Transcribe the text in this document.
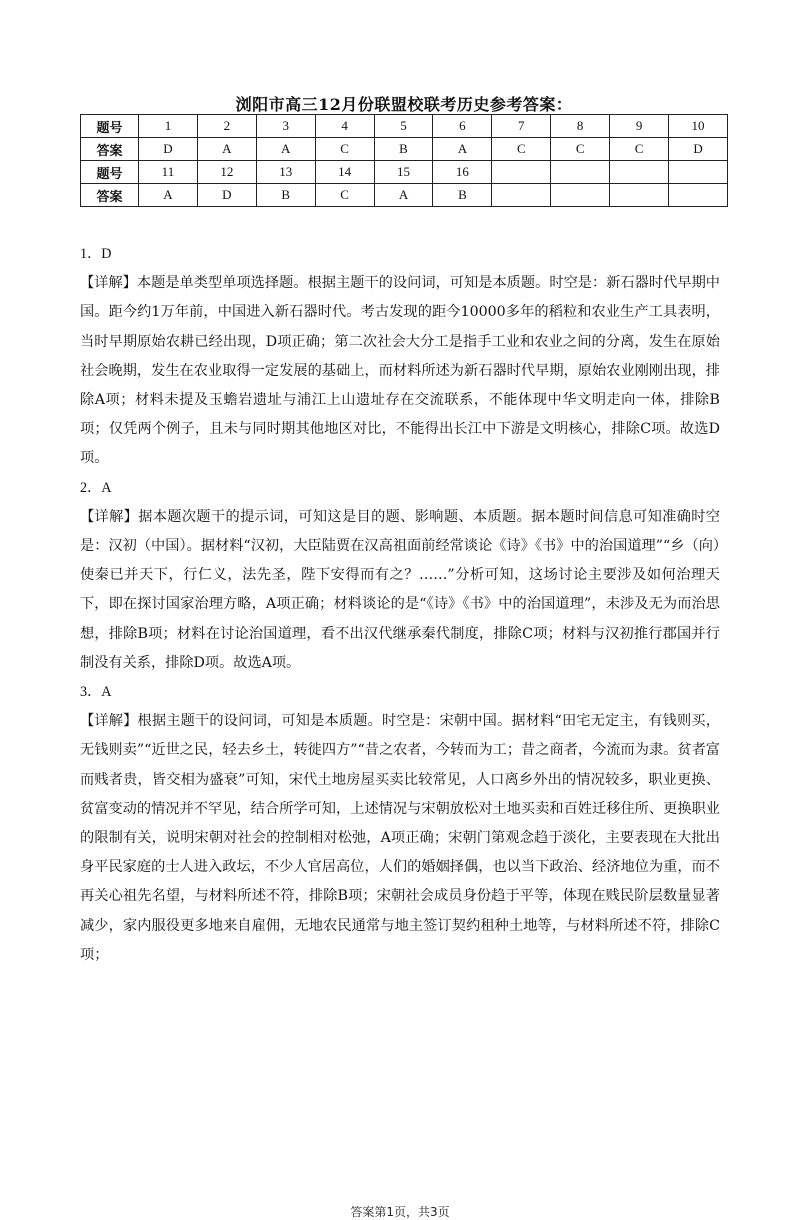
浏阳市高三12月份联盟校联考历史参考答案：
题号	1	2	3	4	5	6	7	8	9	10
答案	D	A	A	C	B	A	C	C	C	D
题号	11	12	13	14	15	16				
答案	A	D	B	C	A	B				

1．D

【详解】本题是单类型单项选择题。根据主题干的设问词，可知是本质题。时空是：新石器时代早期中国。距今约1万年前，中国进入新石器时代。考古发现的距今10000多年的稻粒和农业生产工具表明，当时早期原始农耕已经出现，D项正确；第二次社会大分工是指手工业和农业之间的分离，发生在原始社会晚期，发生在农业取得一定发展的基础上，而材料所述为新石器时代早期，原始农业刚刚出现，排除A项；材料未提及玉蟾岩遗址与浦江上山遗址存在交流联系，不能体现中华文明走向一体，排除B项；仅凭两个例子，且未与同时期其他地区对比，不能得出长江中下游是文明核心，排除C项。故选D项。

2．A

【详解】据本题次题干的提示词，可知这是目的题、影响题、本质题。据本题时间信息可知准确时空是：汉初（中国）。据材料“汉初，大臣陆贾在汉高祖面前经常谈论《诗》《书》中的治国道理”“乡（向）使秦已并天下，行仁义，法先圣，陛下安得而有之？……”分析可知，这场讨论主要涉及如何治理天下，即在探讨国家治理方略，A项正确；材料谈论的是“《诗》《书》中的治国道理”，未涉及无为而治思想，排除B项；材料在讨论治国道理，看不出汉代继承秦代制度，排除C项；材料与汉初推行郡国并行制没有关系，排除D项。故选A项。

3．A

【详解】根据主题干的设问词，可知是本质题。时空是：宋朝中国。据材料“田宅无定主，有钱则买，无钱则卖”“近世之民，轻去乡土，转徙四方”“昔之农者，今转而为工；昔之商者，今流而为隶。贫者富而贱者贵，皆交相为盛衰”可知，宋代土地房屋买卖比较常见，人口离乡外出的情况较多，职业更换、贫富变动的情况并不罕见，结合所学可知，上述情况与宋朝放松对土地买卖和百姓迁移住所、更换职业的限制有关，说明宋朝对社会的控制相对松弛，A项正确；宋朝门第观念趋于淡化，主要表现在大批出身平民家庭的士人进入政坛，不少人官居高位，人们的婚姻择偶，也以当下政治、经济地位为重，而不再关心祖先名望，与材料所述不符，排除B项；宋朝社会成员身份趋于平等，体现在贱民阶层数量显著减少，家内服役更多地来自雇佣，无地农民通常与地主签订契约租种土地等，与材料所述不符，排除C项；

答案第1页，共3页
